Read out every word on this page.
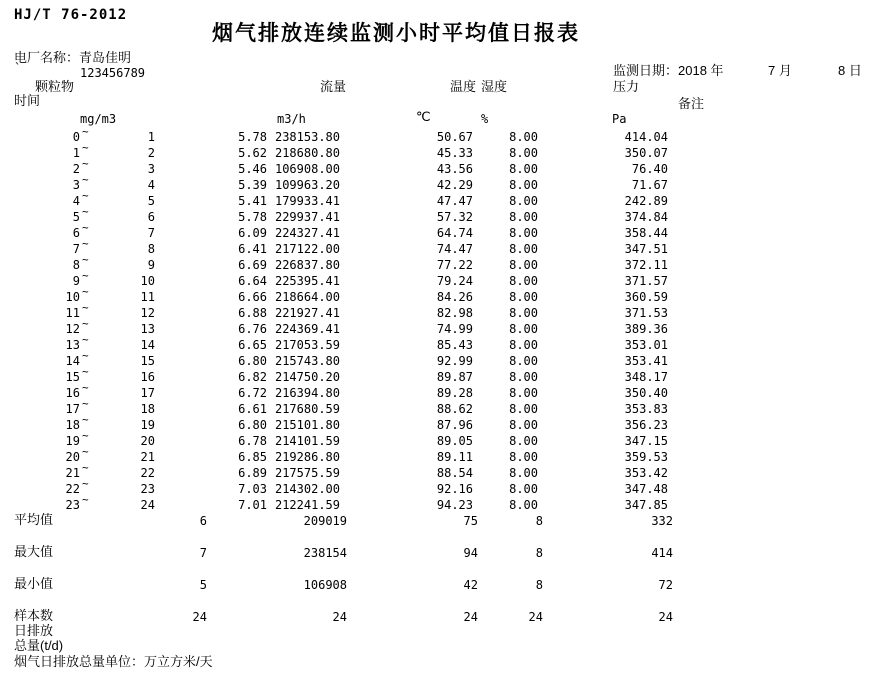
HJ/T 76-2012
烟气排放连续监测小时平均值日报表
电厂名称：青岛佳明
`	123456789	监测日期： 2018 年	7 月	8 日
颗粒物	流量	温度 湿度	压力
时间	备注
mg/m3	m3/h	℃	%	Pa
0 ~	1	5.78 238153.80	50.67	8.00	414.04
1 ~	2	5.62 218680.80	45.33	8.00	350.07
2 ~	3	5.46 106908.00	43.56	8.00	76.40
3 ~	4	5.39 109963.20	42.29	8.00	71.67
4 ~	5	5.41 179933.41	47.47	8.00	242.89
5 ~	6	5.78 229937.41	57.32	8.00	374.84
6 ~	7	6.09 224327.41	64.74	8.00	358.44
7 ~	8	6.41 217122.00	74.47	8.00	347.51
8 ~	9	6.69 226837.80	77.22	8.00	372.11
9 ~	10	6.64 225395.41	79.24	8.00	371.57
10 ~	11	6.66 218664.00	84.26	8.00	360.59
11 ~	12	6.88 221927.41	82.98	8.00	371.53
12 ~	13	6.76 224369.41	74.99	8.00	389.36
13 ~	14	6.65 217053.59	85.43	8.00	353.01
14 ~	15	6.80 215743.80	92.99	8.00	353.41
15 ~	16	6.82 214750.20	89.87	8.00	348.17
16 ~	17	6.72 216394.80	89.28	8.00	350.40
17 ~	18	6.61 217680.59	88.62	8.00	353.83
18 ~	19	6.80 215101.80	87.96	8.00	356.23
19 ~	20	6.78 214101.59	89.05	8.00	347.15
20 ~	21	6.85 219286.80	89.11	8.00	359.53
21 ~	22	6.89 217575.59	88.54	8.00	353.42
22 ~	23	7.03 214302.00	92.16	8.00	347.48
23 ~	24	7.01 212241.59	94.23	8.00	347.85
平均值	6	209019	75	8	332
最大值	7	238154	94	8	414
最小值	5	106908	42	8	72
样本数	24	24	24	24	24
日排放
总量(t/d)
烟气日排放总量单位：万立方米/天
